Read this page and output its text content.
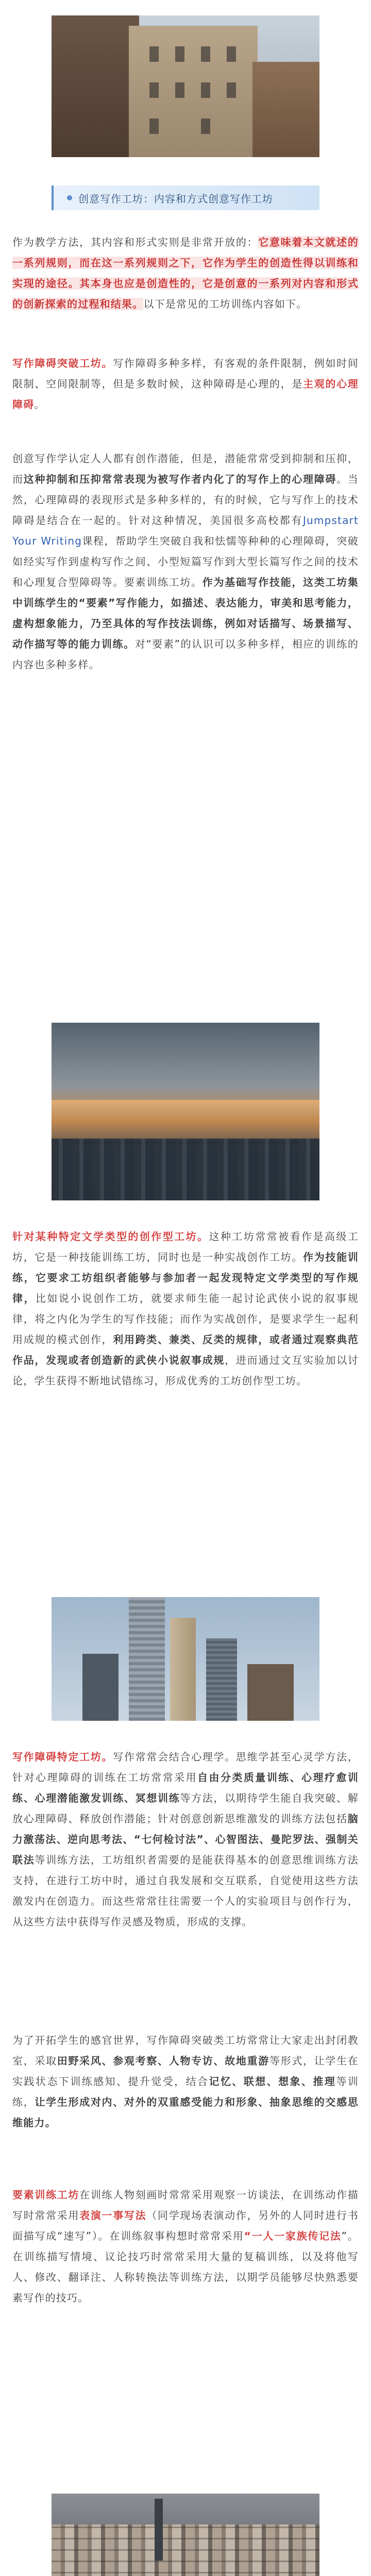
创意写作工坊：内容和方式创意写作工坊

作为教学方法，其内容和形式实则是非常开放的：它意味着本文就述的一系列规则，而在这一系列规则之下，它作为学生的创造性得以训练和实现的途径。其本身也应是创造性的，它是创意的一系列对内容和形式的创新探索的过程和结果。以下是常见的工坊训练内容如下。

写作障碍突破工坊。写作障碍多种多样，有客观的条件限制，例如时间限制、空间限制等，但是多数时候，这种障碍是心理的，是主观的心理障碍。

创意写作学认定人人都有创作潜能，但是，潜能常常受到抑制和压抑，而这种抑制和压抑常常表现为被写作者内化了的写作上的心理障碍。当然，心理障碍的表现形式是多种多样的，有的时候，它与写作上的技术障碍是结合在一起的。针对这种情况，美国很多高校都有Jumpstart Your Writing课程，帮助学生突破自我和怯懦等种种的心理障碍，突破如经实写作到虚构写作之间、小型短篇写作到大型长篇写作之间的技术和心理复合型障碍等。要素训练工坊。作为基础写作技能，这类工坊集中训练学生的“要素”写作能力，如描述、表达能力，审美和思考能力，虚构想象能力，乃至具体的写作技法训练，例如对话描写、场景描写、动作描写等的能力训练。对“要素”的认识可以多种多样，相应的训练的内容也多种多样。

针对某种特定文学类型的创作型工坊。这种工坊常常被看作是高级工坊，它是一种技能训练工坊，同时也是一种实战创作工坊。作为技能训练，它要求工坊组织者能够与参加者一起发现特定文学类型的写作规律，比如说小说创作工坊，就要求师生能一起讨论武侠小说的叙事规律，将之内化为学生的写作技能；而作为实战创作，是要求学生一起利用成规的模式创作，利用跨类、兼类、反类的规律，或者通过观察典范作品，发现或者创造新的武侠小说叙事成规，进而通过文互实验加以讨论，学生获得不断地试错练习，形成优秀的工坊创作型工坊。

写作障碍特定工坊。写作常常会结合心理学。思维学甚至心灵学方法，针对心理障碍的训练在工坊常常采用自由分类质量训练、心理疗愈训练、心理潜能激发训练、冥想训练等方法，以期待学生能自我突破、解放心理障碍、释放创作潜能；针对创意创新思维激发的训练方法包括脑力激荡法、逆向思考法、“七何检讨法”、心智图法、曼陀罗法、强制关联法等训练方法，工坊组织者需要的是能获得基本的创意思维训练方法支持，在进行工坊中时，通过自我发展和交互联系，自觉使用这些方法激发内在创造力。而这些常常往往需要一个人的实验项目与创作行为，从这些方法中获得写作灵感及物质，形成的支撑。

为了开拓学生的感官世界，写作障碍突破类工坊常常让大家走出封闭教室，采取田野采风、参观考察、人物专访、故地重游等形式，让学生在实践状态下训练感知、提升觉受，结合记忆、联想、想象、推理等训练，让学生形成对内、对外的双重感受能力和形象、抽象思维的交感思维能力。

要素训练工坊在训练人物刻画时常常采用观察一访谈法，在训练动作描写时常常采用表演一事写法（同学现场表演动作，另外的人同时进行书面描写成“速写”）。在训练叙事构想时常常采用“一人一家族传记法”。在训练描写情境、议论技巧时常常采用大量的复稿训练，以及将他写人、修改、翻译注、人称转换法等训练方法，以期学员能够尽快熟悉要素写作的技巧。
